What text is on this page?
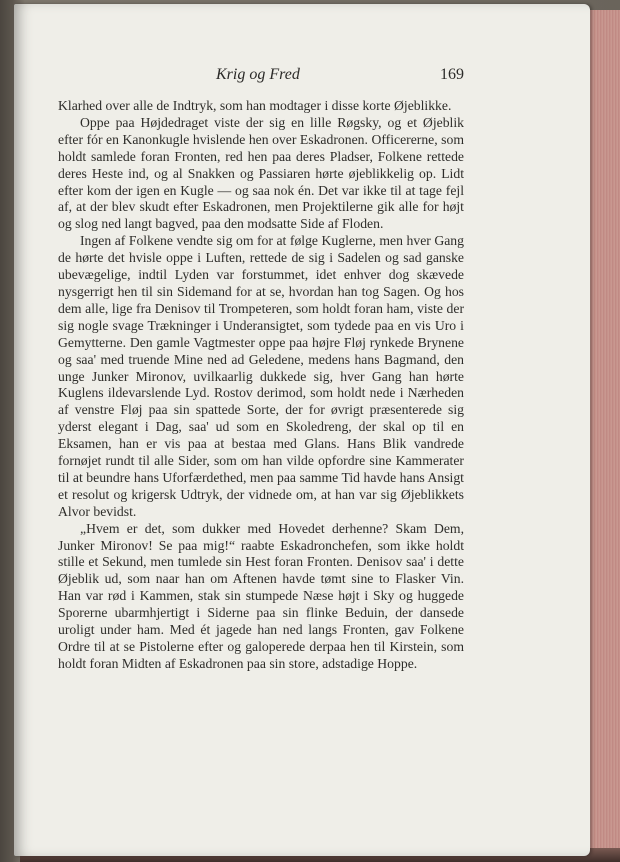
Krig og Fred	169

Klarhed over alle de Indtryk, som han modtager i disse korte Øjeblikke.

Oppe paa Højdedraget viste der sig en lille Røgsky, og et Øjeblik efter fór en Kanonkugle hvislende hen over Eskadronen. Officererne, som holdt samlede foran Fronten, red hen paa deres Pladser, Folkene rettede deres Heste ind, og al Snakken og Passiaren hørte øjeblikkelig op. Lidt efter kom der igen en Kugle — og saa nok én. Det var ikke til at tage fejl af, at der blev skudt efter Eskadronen, men Projektilerne gik alle for højt og slog ned langt bagved, paa den modsatte Side af Floden.

Ingen af Folkene vendte sig om for at følge Kuglerne, men hver Gang de hørte det hvisle oppe i Luften, rettede de sig i Sadelen og sad ganske ubevægelige, indtil Lyden var forstummet, idet enhver dog skævede nysgerrigt hen til sin Sidemand for at se, hvordan han tog Sagen. Og hos dem alle, lige fra Denisov til Trompeteren, som holdt foran ham, viste der sig nogle svage Trækninger i Underansigtet, som tydede paa en vis Uro i Gemytterne. Den gamle Vagtmester oppe paa højre Fløj rynkede Brynene og saa' med truende Mine ned ad Geledene, medens hans Bagmand, den unge Junker Mironov, uvilkaarlig dukkede sig, hver Gang han hørte Kuglens ildevarslende Lyd. Rostov derimod, som holdt nede i Nærheden af venstre Fløj paa sin spattede Sorte, der for øvrigt præsenterede sig yderst elegant i Dag, saa' ud som en Skoledreng, der skal op til en Eksamen, han er vis paa at bestaa med Glans. Hans Blik vandrede fornøjet rundt til alle Sider, som om han vilde opfordre sine Kammerater til at beundre hans Uforfærdethed, men paa samme Tid havde hans Ansigt et resolut og krigersk Udtryk, der vidnede om, at han var sig Øjeblikkets Alvor bevidst.

„Hvem er det, som dukker med Hovedet derhenne? Skam Dem, Junker Mironov! Se paa mig!“ raabte Eskadronchefen, som ikke holdt stille et Sekund, men tumlede sin Hest foran Fronten. Denisov saa' i dette Øjeblik ud, som naar han om Aftenen havde tømt sine to Flasker Vin. Han var rød i Kammen, stak sin stumpede Næse højt i Sky og huggede Sporerne ubarmhjertigt i Siderne paa sin flinke Beduin, der dansede uroligt under ham. Med ét jagede han ned langs Fronten, gav Folkene Ordre til at se Pistolerne efter og galoperede derpaa hen til Kirstein, som holdt foran Midten af Eskadronen paa sin store, adstadige Hoppe.
